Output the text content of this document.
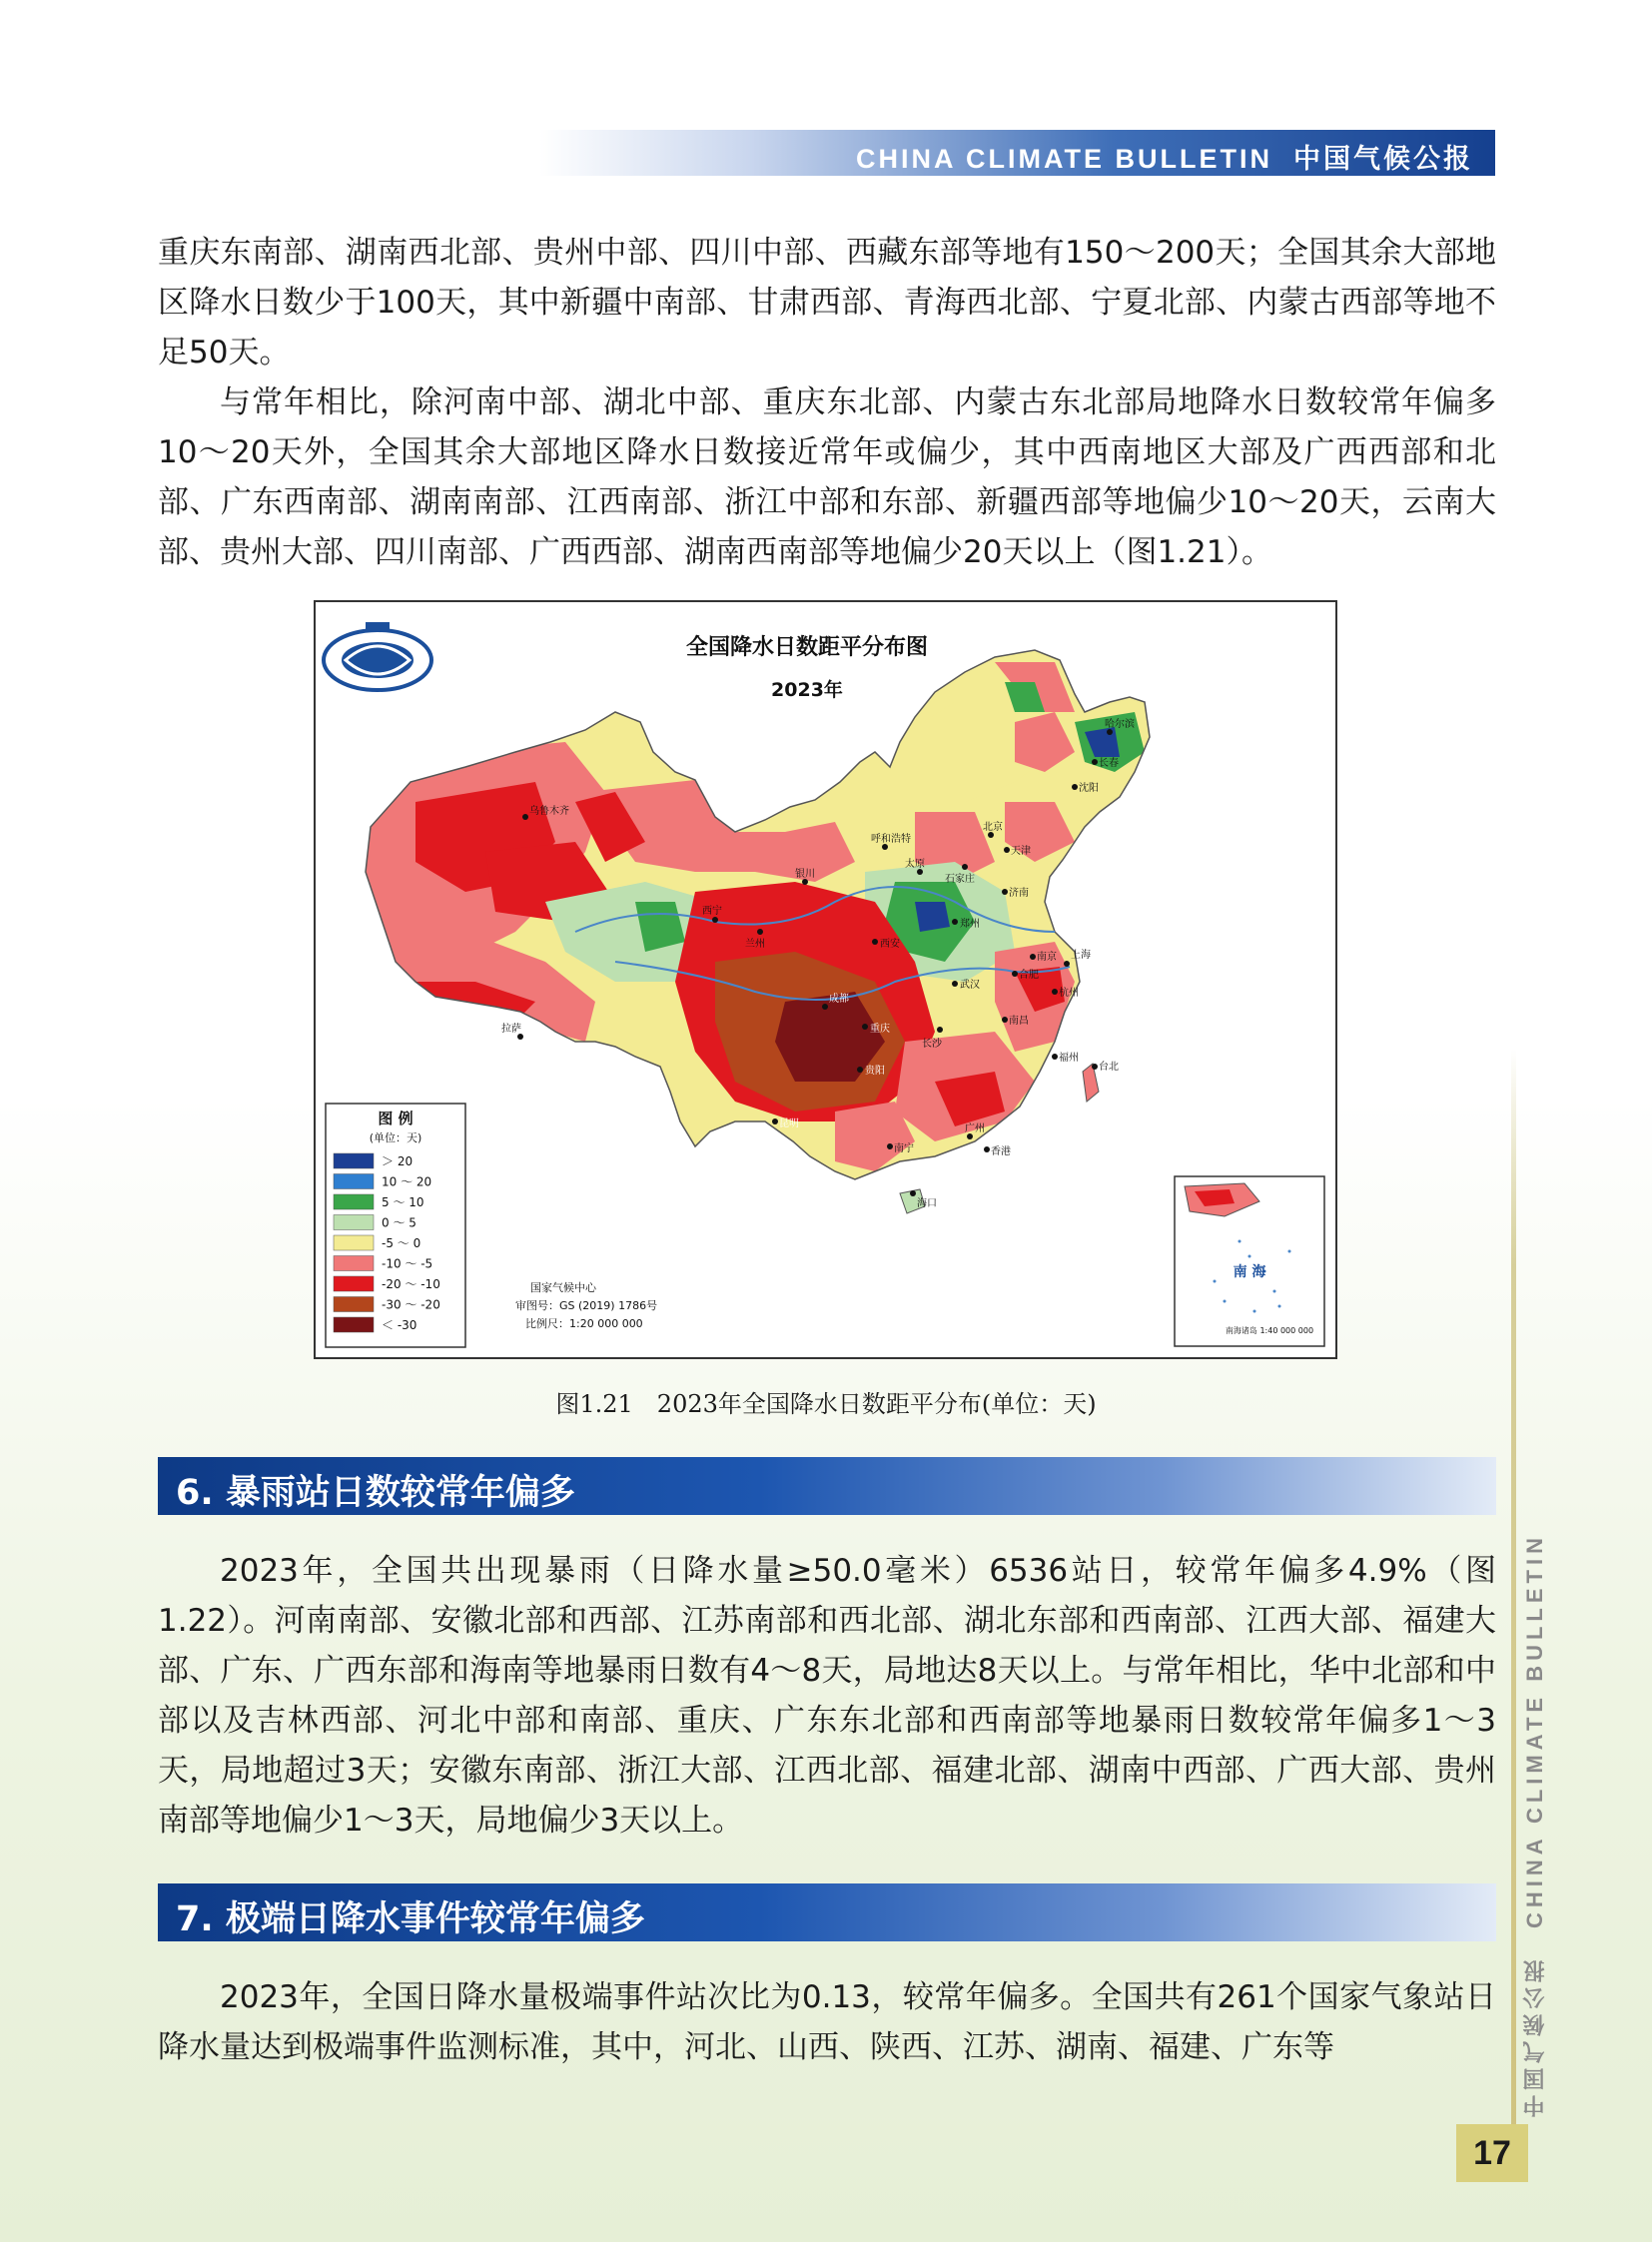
CHINA CLIMATE BULLETIN 中国气候公报

重庆东南部、湖南西北部、贵州中部、四川中部、西藏东部等地有150～200天；全国其余大部地区降水日数少于100天，其中新疆中南部、甘肃西部、青海西北部、宁夏北部、内蒙古西部等地不足50天。

与常年相比，除河南中部、湖北中部、重庆东北部、内蒙古东北部局地降水日数较常年偏多10～20天外，全国其余大部地区降水日数接近常年或偏少，其中西南地区大部及广西西部和北部、广东西南部、湖南南部、江西南部、浙江中部和东部、新疆西部等地偏少10～20天，云南大部、贵州大部、四川南部、广西西部、湖南西南部等地偏少20天以上（图1.21）。

全国降水日数距平分布图
2023年
乌鲁木齐
拉萨
西宁
兰州
银川
呼和浩特
北京
天津
石家庄
太原
济南
郑州
西安
成都
重庆
武汉
合肥
南京 上海
杭州
长沙
南昌
福州
贵阳
昆明
南宁
广州
香港
海口
台北
哈尔滨
长春
沈阳
图 例
(单位：天)
＞ 20
10 ～ 20
5 ～ 10
0 ～ 5
-5 ～ 0
-10 ～ -5
-20 ～ -10
-30 ～ -20
＜ -30
国家气候中心
审图号：GS (2019) 1786号
比例尺：1:20 000 000
南 海
南海诸岛 1:40 000 000
图1.21　2023年全国降水日数距平分布(单位：天)
6. 暴雨站日数较常年偏多

2023年，全国共出现暴雨（日降水量≥50.0毫米）6536站日，较常年偏多4.9%（图1.22）。河南南部、安徽北部和西部、江苏南部和西北部、湖北东部和西南部、江西大部、福建大部、广东、广西东部和海南等地暴雨日数有4～8天，局地达8天以上。与常年相比，华中北部和中部以及吉林西部、河北中部和南部、重庆、广东东北部和西南部等地暴雨日数较常年偏多1～3天，局地超过3天；安徽东南部、浙江大部、江西北部、福建北部、湖南中西部、广西大部、贵州南部等地偏少1～3天，局地偏少3天以上。

7. 极端日降水事件较常年偏多

2023年，全国日降水量极端事件站次比为0.13，较常年偏多。全国共有261个国家气象站日降水量达到极端事件监测标准，其中，河北、山西、陕西、江苏、湖南、福建、广东等	中国气候公报　CHINA CLIMATE BULLETIN
17
